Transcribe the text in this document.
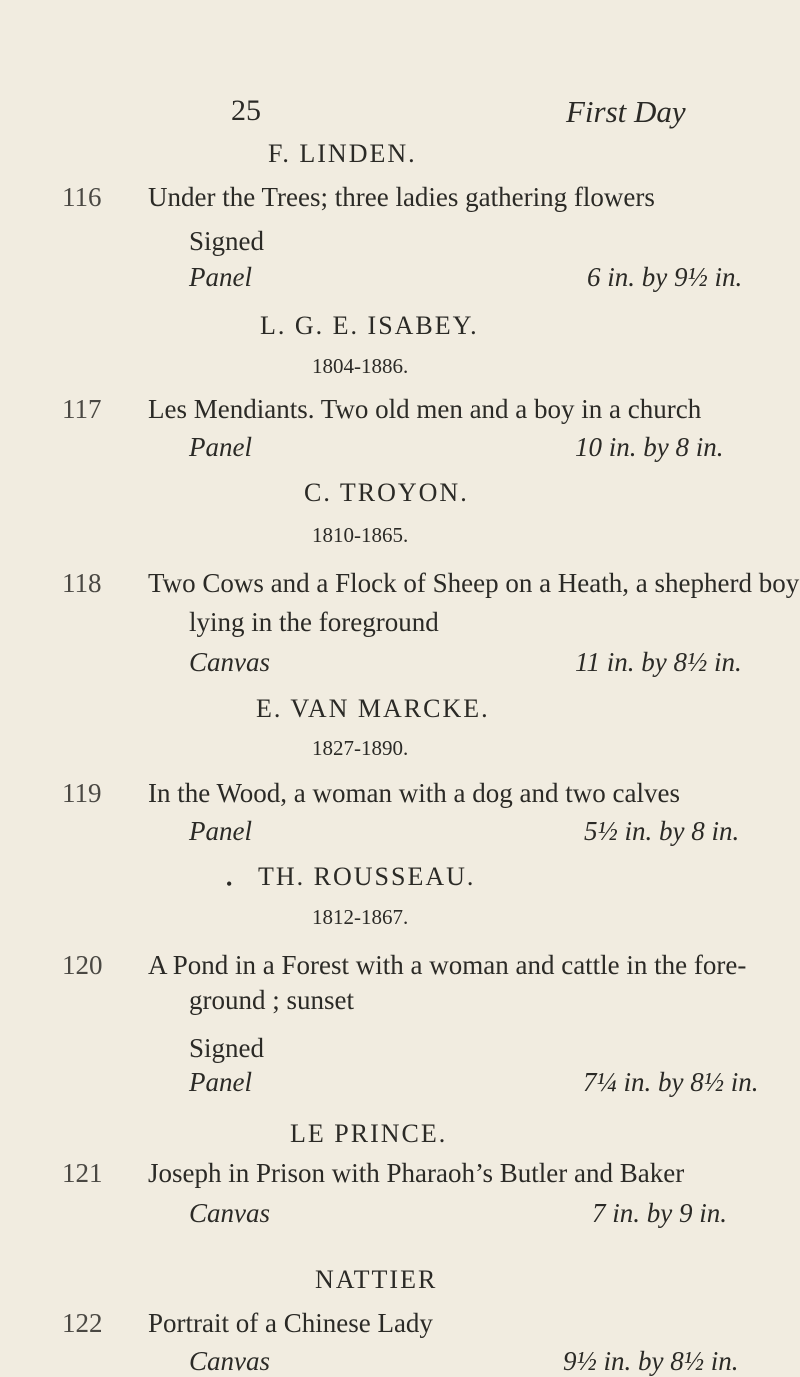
25	First Day
F. LINDEN.
116 Under the Trees; three ladies gathering flowers
Signed
Panel	6 in. by 9½ in.
L. G. E. ISABEY.
1804-1886.
117 Les Mendiants. Two old men and a boy in a church
Panel	10 in. by 8 in.
C. TROYON.
1810-1865.
118 Two Cows and a Flock of Sheep on a Heath, a shepherd boy
lying in the foreground
Canvas	11 in. by 8½ in.
E. VAN MARCKE.
1827-1890.
119 In the Wood, a woman with a dog and two calves
Panel	5½ in. by 8 in.
• TH. ROUSSEAU.
1812-1867.
120 A Pond in a Forest with a woman and cattle in the fore-
ground ; sunset
Signed
Panel	7¼ in. by 8½ in.
LE PRINCE.
121 Joseph in Prison with Pharaoh’s Butler and Baker
Canvas	7 in. by 9 in.
NATTIER
122 Portrait of a Chinese Lady
Canvas	9½ in. by 8½ in.
